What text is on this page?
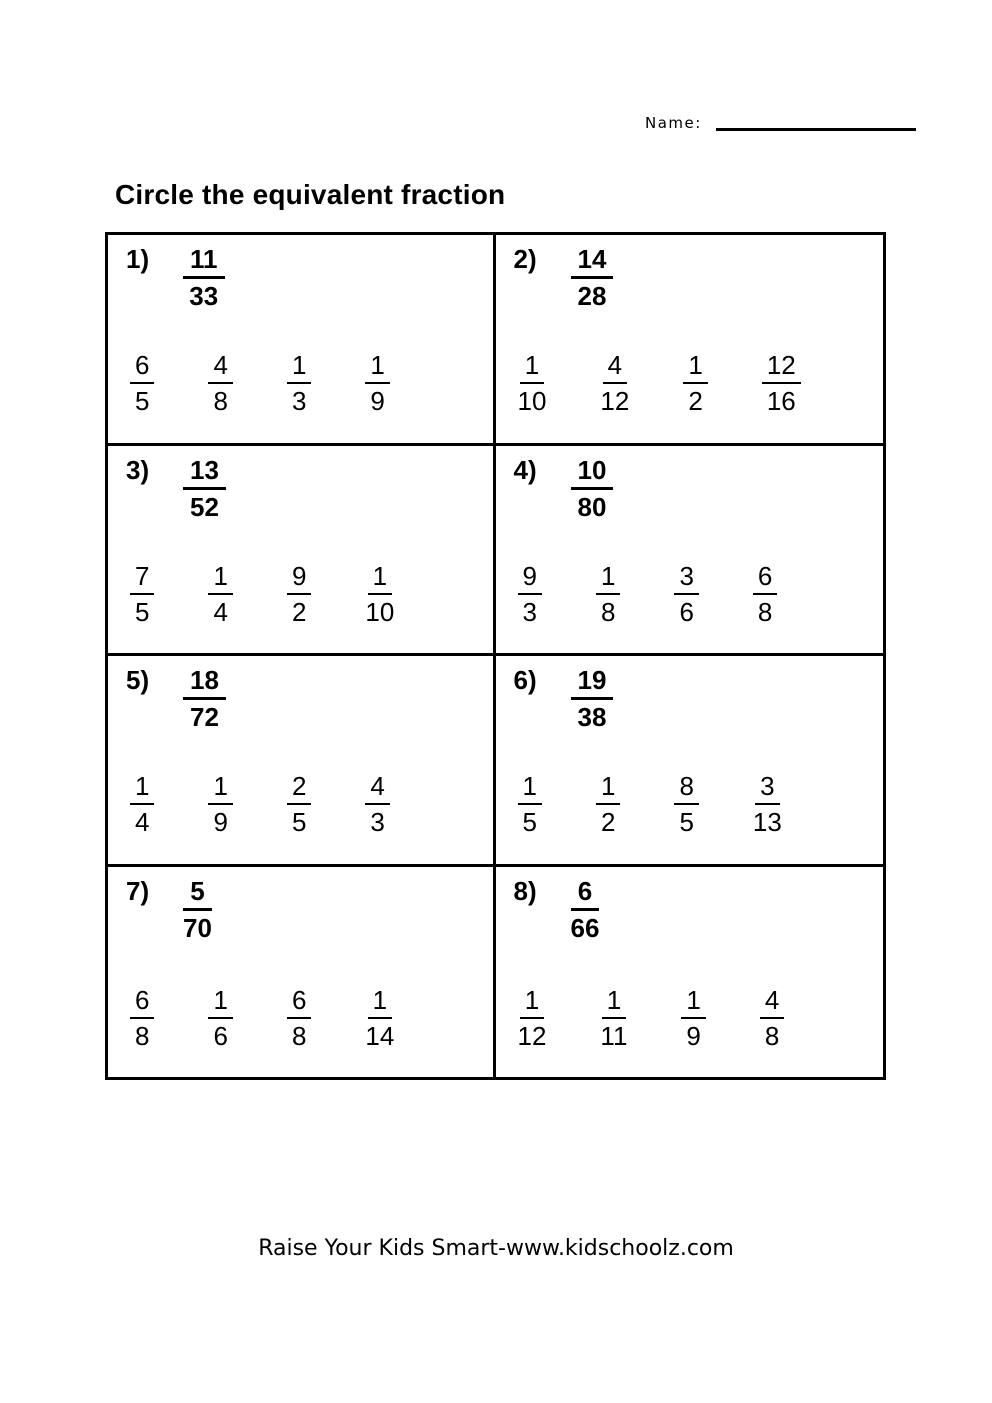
Name:
Circle the equivalent fraction
1)	$\frac{11}{33}$
$\frac{6}{5} \frac{4}{8} \frac{1}{3} \frac{1}{9}$
2)	$\frac{14}{28}$
$\frac{1}{10} \frac{4}{12} \frac{1}{2} \frac{12}{16}$
3)	$\frac{13}{52}$
$\frac{7}{5} \frac{1}{4} \frac{9}{2} \frac{1}{10}$
4)	$\frac{10}{80}$
$\frac{9}{3} \frac{1}{8} \frac{3}{6} \frac{6}{8}$
5)	$\frac{18}{72}$
$\frac{1}{4} \frac{1}{9} \frac{2}{5} \frac{4}{3}$
6)	$\frac{19}{38}$
$\frac{1}{5} \frac{1}{2} \frac{8}{5} \frac{3}{13}$
7)	$\frac{5}{70}$
$\frac{6}{8} \frac{1}{6} \frac{6}{8} \frac{1}{14}$
8)	$\frac{6}{66}$
$\frac{1}{12} \frac{1}{11} \frac{1}{9} \frac{4}{8}$
Raise Your Kids Smart-www.kidschoolz.com
